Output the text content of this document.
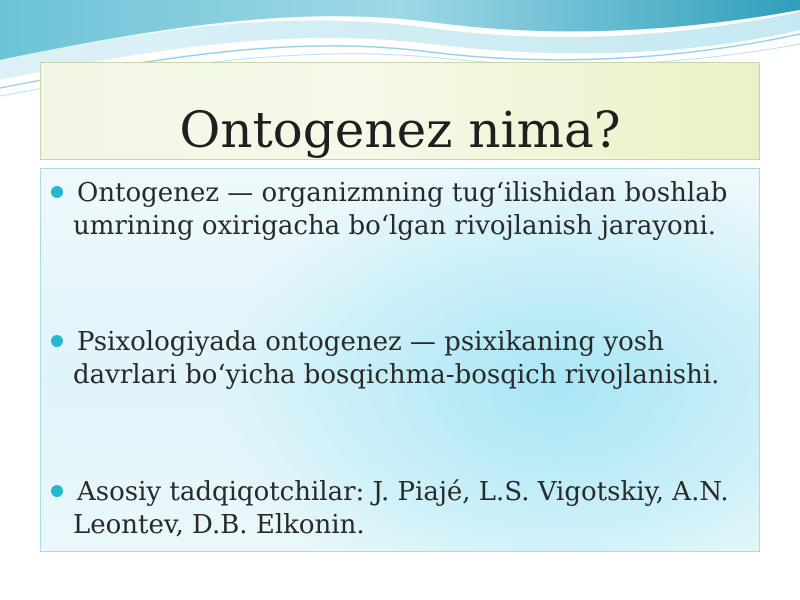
Ontogenez nima?

Ontogenez — organizmning tug‘ilishidan boshlab umrining oxirigacha bo‘lgan rivojlanish jarayoni.

Psixologiyada ontogenez — psixikaning yosh davrlari bo‘yicha bosqichma-bosqich rivojlanishi.

Asosiy tadqiqotchilar: J. Piajé, L.S. Vigotskiy, A.N. Leontev, D.B. Elkonin.
